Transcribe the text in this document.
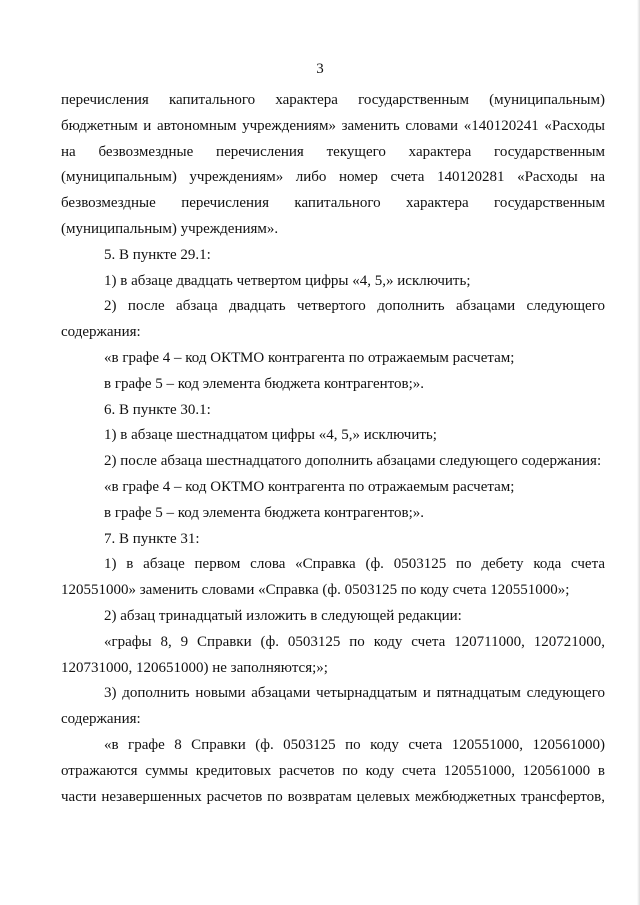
3

перечисления капитального характера государственным (муниципальным) бюджетным и автономным учреждениям» заменить словами «140120241 «Расходы на безвозмездные перечисления текущего характера государственным (муниципальным) учреждениям» либо номер счета 140120281 «Расходы на безвозмездные перечисления капитального характера государственным (муниципальным) учреждениям».

5. В пункте 29.1:

1) в абзаце двадцать четвертом цифры «4, 5,» исключить;

2) после абзаца двадцать четвертого дополнить абзацами следующего содержания:

«в графе 4 – код ОКТМО контрагента по отражаемым расчетам;

в графе 5 – код элемента бюджета контрагентов;».

6. В пункте 30.1:

1) в абзаце шестнадцатом цифры «4, 5,» исключить;

2) после абзаца шестнадцатого дополнить абзацами следующего содержания:

«в графе 4 – код ОКТМО контрагента по отражаемым расчетам;

в графе 5 – код элемента бюджета контрагентов;».

7. В пункте 31:

1) в абзаце первом слова «Справка (ф. 0503125 по дебету кода счета 120551000» заменить словами «Справка (ф. 0503125 по коду счета 120551000»;

2) абзац тринадцатый изложить в следующей редакции:

«графы 8, 9 Справки (ф. 0503125 по коду счета 120711000, 120721000, 120731000, 120651000) не заполняются;»;

3) дополнить новыми абзацами четырнадцатым и пятнадцатым следующего содержания:

«в графе 8 Справки (ф. 0503125 по коду счета 120551000, 120561000) отражаются суммы кредитовых расчетов по коду счета 120551000, 120561000 в части незавершенных расчетов по возвратам целевых межбюджетных трансфертов,
